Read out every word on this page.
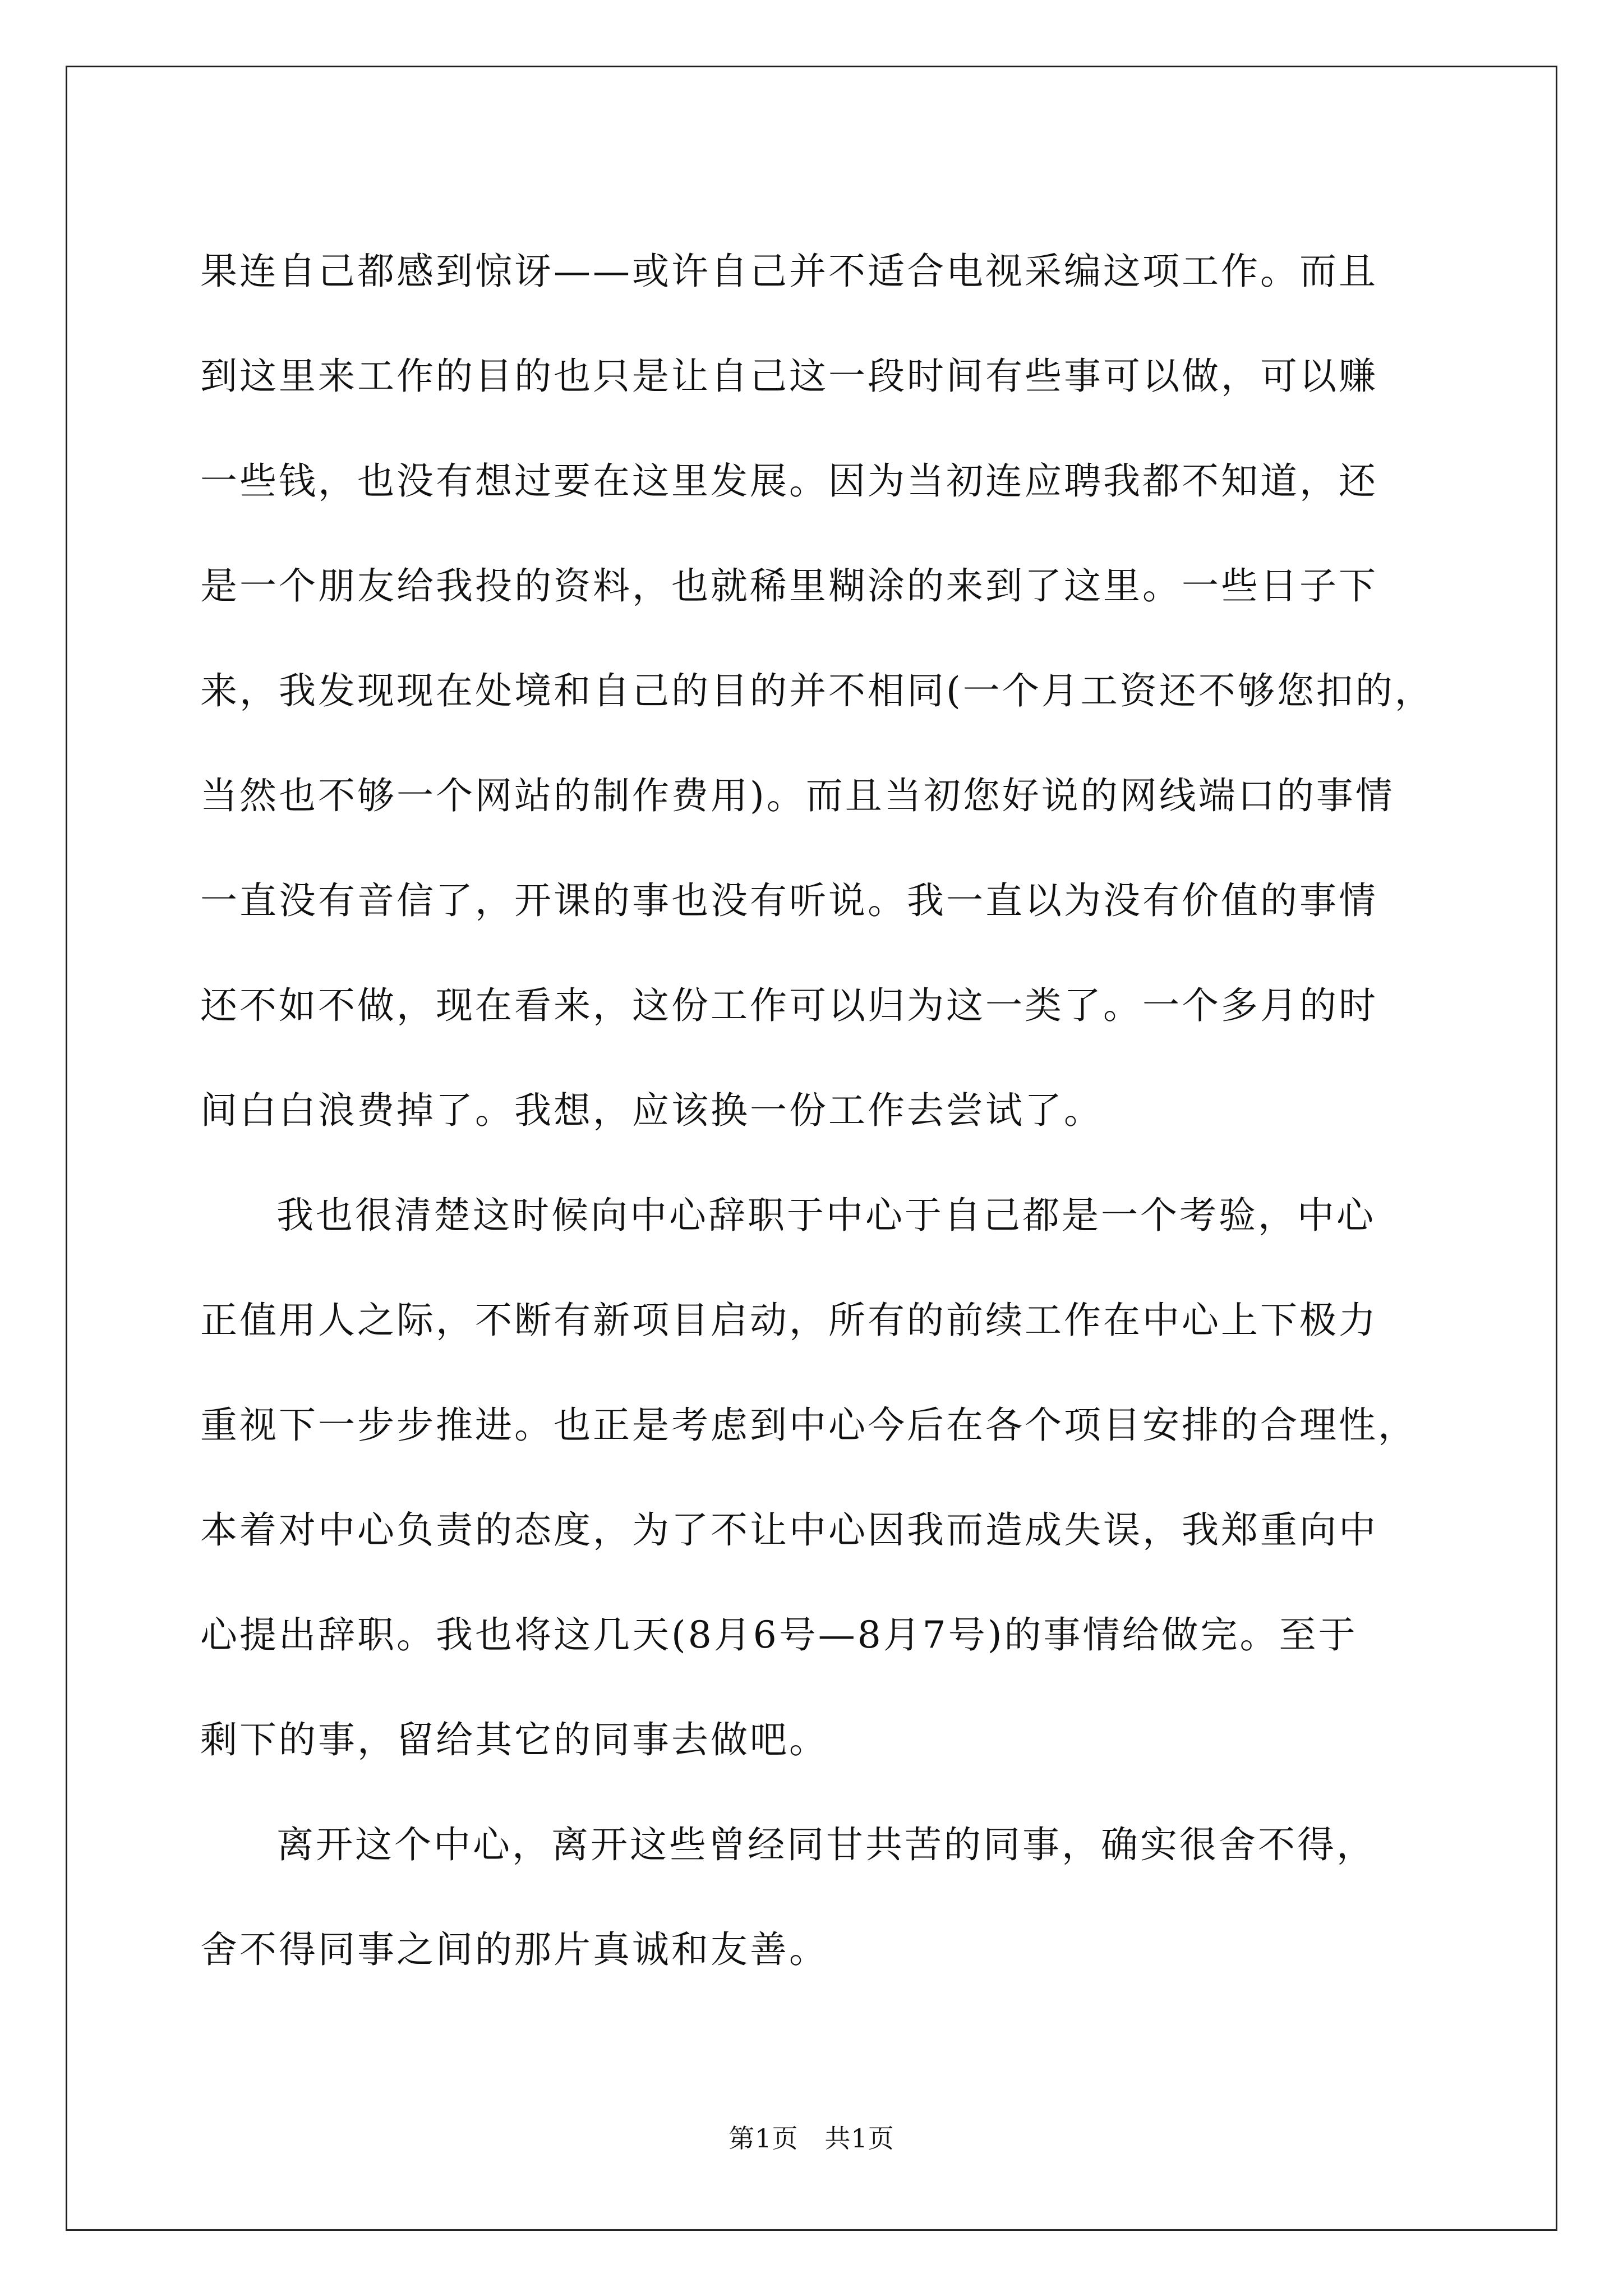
果连自己都感到惊讶——或许自己并不适合电视采编这项工作。而且
到这里来工作的目的也只是让自己这一段时间有些事可以做，可以赚
一些钱，也没有想过要在这里发展。因为当初连应聘我都不知道，还
是一个朋友给我投的资料，也就稀里糊涂的来到了这里。一些日子下
来，我发现现在处境和自己的目的并不相同(一个月工资还不够您扣的，
当然也不够一个网站的制作费用)。而且当初您好说的网线端口的事情
一直没有音信了，开课的事也没有听说。我一直以为没有价值的事情
还不如不做，现在看来，这份工作可以归为这一类了。一个多月的时
间白白浪费掉了。我想，应该换一份工作去尝试了。
我也很清楚这时候向中心辞职于中心于自己都是一个考验，中心
正值用人之际，不断有新项目启动，所有的前续工作在中心上下极力
重视下一步步推进。也正是考虑到中心今后在各个项目安排的合理性，
本着对中心负责的态度，为了不让中心因我而造成失误，我郑重向中
心提出辞职。我也将这几天(8月6号—8月7号)的事情给做完。至于
剩下的事，留给其它的同事去做吧。
离开这个中心，离开这些曾经同甘共苦的同事，确实很舍不得，
舍不得同事之间的那片真诚和友善。
第1页   共1页
